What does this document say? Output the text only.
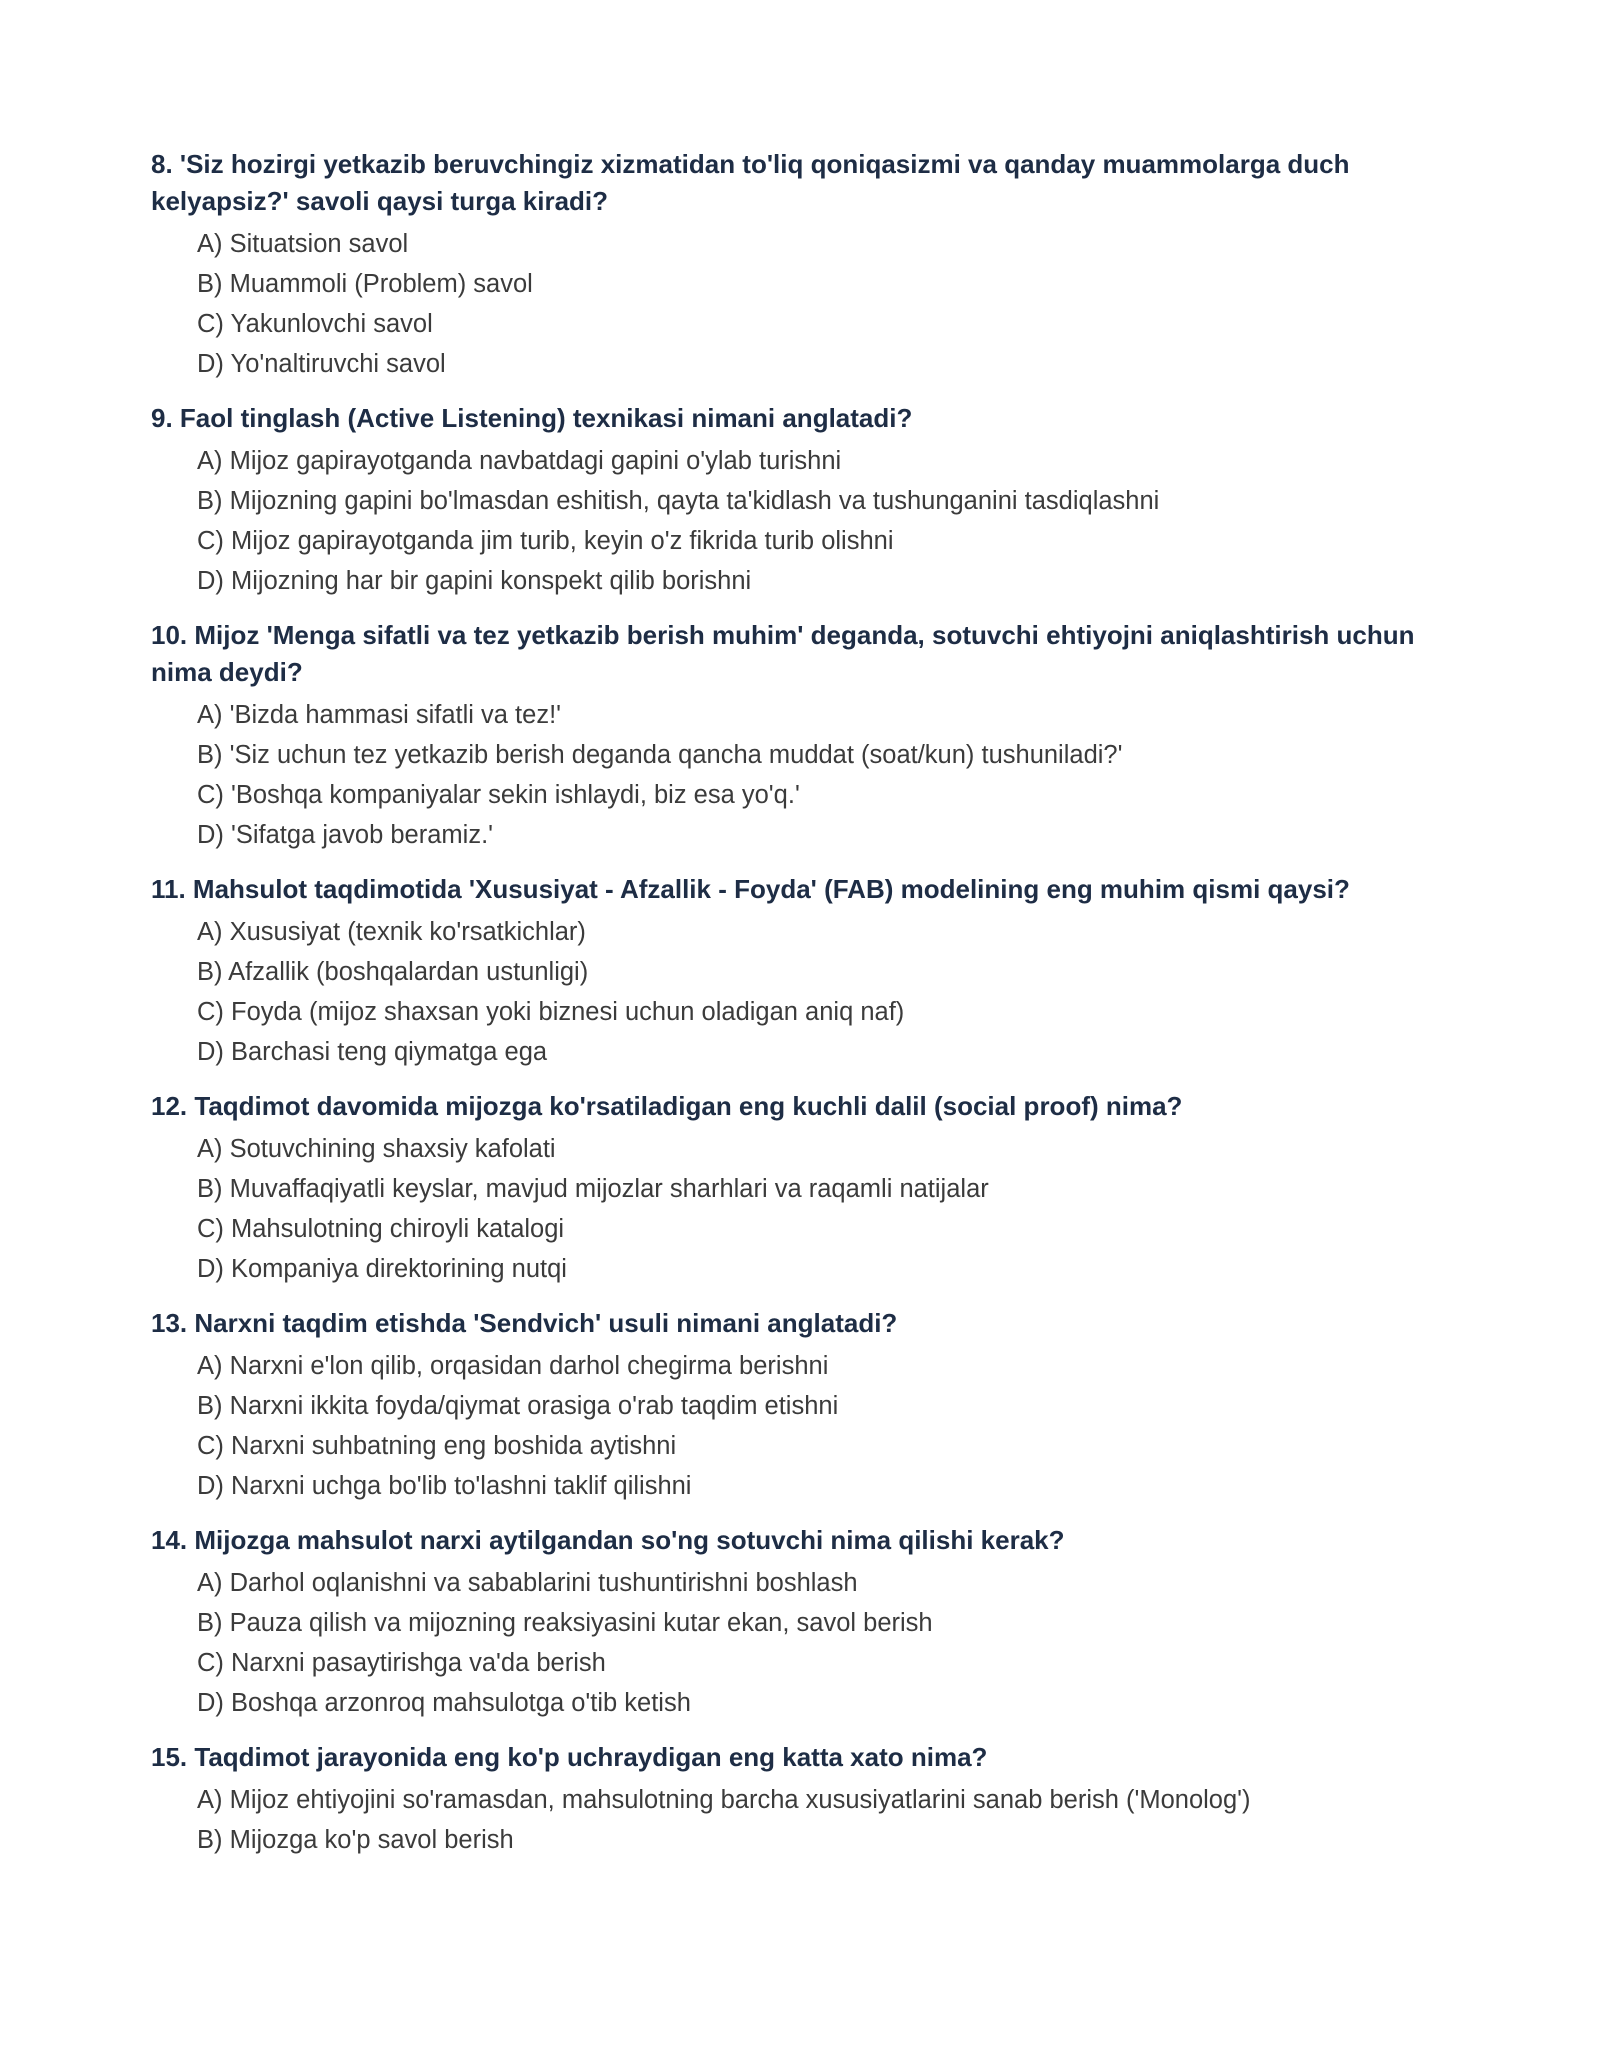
8. 'Siz hozirgi yetkazib beruvchingiz xizmatidan to'liq qoniqasizmi va qanday muammolarga duch kelyapsiz?' savoli qaysi turga kiradi?

A) Situatsion savol
B) Muammoli (Problem) savol
C) Yakunlovchi savol
D) Yo'naltiruvchi savol

9. Faol tinglash (Active Listening) texnikasi nimani anglatadi?

A) Mijoz gapirayotganda navbatdagi gapini o'ylab turishni
B) Mijozning gapini bo'lmasdan eshitish, qayta ta'kidlash va tushunganini tasdiqlashni
C) Mijoz gapirayotganda jim turib, keyin o'z fikrida turib olishni
D) Mijozning har bir gapini konspekt qilib borishni

10. Mijoz 'Menga sifatli va tez yetkazib berish muhim' deganda, sotuvchi ehtiyojni aniqlashtirish uchun nima deydi?

A) 'Bizda hammasi sifatli va tez!'
B) 'Siz uchun tez yetkazib berish deganda qancha muddat (soat/kun) tushuniladi?'
C) 'Boshqa kompaniyalar sekin ishlaydi, biz esa yo'q.'
D) 'Sifatga javob beramiz.'

11. Mahsulot taqdimotida 'Xususiyat - Afzallik - Foyda' (FAB) modelining eng muhim qismi qaysi?

A) Xususiyat (texnik ko'rsatkichlar)
B) Afzallik (boshqalardan ustunligi)
C) Foyda (mijoz shaxsan yoki biznesi uchun oladigan aniq naf)
D) Barchasi teng qiymatga ega

12. Taqdimot davomida mijozga ko'rsatiladigan eng kuchli dalil (social proof) nima?

A) Sotuvchining shaxsiy kafolati
B) Muvaffaqiyatli keyslar, mavjud mijozlar sharhlari va raqamli natijalar
C) Mahsulotning chiroyli katalogi
D) Kompaniya direktorining nutqi

13. Narxni taqdim etishda 'Sendvich' usuli nimani anglatadi?

A) Narxni e'lon qilib, orqasidan darhol chegirma berishni
B) Narxni ikkita foyda/qiymat orasiga o'rab taqdim etishni
C) Narxni suhbatning eng boshida aytishni
D) Narxni uchga bo'lib to'lashni taklif qilishni

14. Mijozga mahsulot narxi aytilgandan so'ng sotuvchi nima qilishi kerak?

A) Darhol oqlanishni va sabablarini tushuntirishni boshlash
B) Pauza qilish va mijozning reaksiyasini kutar ekan, savol berish
C) Narxni pasaytirishga va'da berish
D) Boshqa arzonroq mahsulotga o'tib ketish

15. Taqdimot jarayonida eng ko'p uchraydigan eng katta xato nima?

A) Mijoz ehtiyojini so'ramasdan, mahsulotning barcha xususiyatlarini sanab berish ('Monolog')
B) Mijozga ko'p savol berish
